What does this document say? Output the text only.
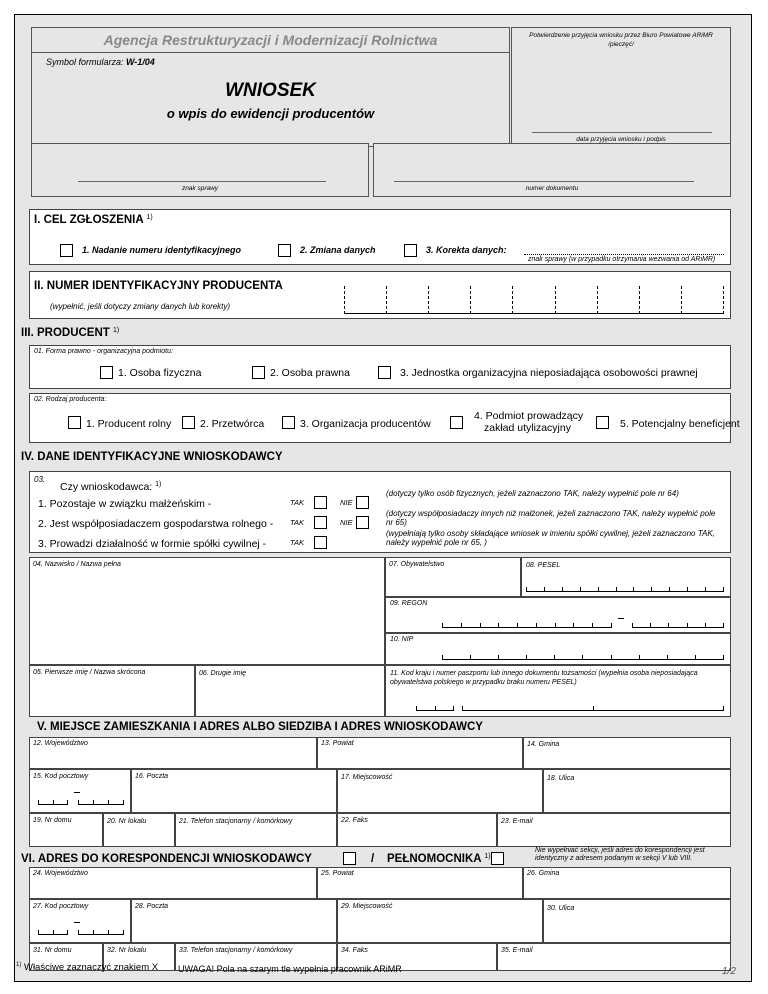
Agencja Restrukturyzacji i Modernizacji Rolnictwa
Symbol formularza: W-1/04
WNIOSEK
o wpis do ewidencji producentów
Potwierdzenie przyjęcia wniosku przez Biuro Powiatowe ARiMR /pieczęć/
data przyjęcia wniosku i podpis
znak sprawy	numer dokumentu
I. CEL ZGŁOSZENIA $^{1)}$
1. Nadanie numeru identyfikacyjnego	2. Zmiana danych	3. Korekta danych:
znak sprawy (w przypadku otrzymania wezwania od ARiMR)
II. NUMER IDENTYFIKACYJNY PRODUCENTA
(wypełnić, jeśli dotyczy zmiany danych lub korekty)
III. PRODUCENT $^{1)}$
01. Forma prawno - organizacyjna podmiotu:
1. Osoba fizyczna	2. Osoba prawna	3. Jednostka organizacyjna nieposiadająca osobowości prawnej
02. Rodzaj producenta:
1. Producent rolny	2. Przetwórca	3. Organizacja producentów
4. Podmiot prowadzący
zakład utylizacyjny	5. Potencjalny beneficjent
IV. DANE IDENTYFIKACYJNE WNIOSKODAWCY
03.
Czy wnioskodawca: $^{1)}$
1. Pozostaje w związku małżeńskim -
2. Jest współposiadaczem gospodarstwa rolnego -
3. Prowadzi działalność w formie spółki cywilnej -
TAK	NIE
TAK	NIE
TAK
(dotyczy tylko osób fizycznych, jeżeli zaznaczono TAK, należy wypełnić pole nr 64)
(dotyczy współposiadaczy innych niż małżonek, jeżeli zaznaczono TAK, należy wypełnić pole nr 65)
(wypełniają tylko osoby składające wniosek w imieniu spółki cywilnej, jeżeli zaznaczono TAK, należy wypełnić pole nr 65, )
04. Nazwisko / Nazwa pełna	07. Obywatelstwo	08. PESEL
09. REGON
10. NIP
05. Pierwsze imię / Nazwa skrócona	06. Drugie imię	11. Kod kraju i numer paszportu lub innego dokumentu tożsamości (wypełnia osoba nieposiadająca obywatelstwa polskiego w przypadku braku numeru PESEL)
V. MIEJSCE ZAMIESZKANIA I ADRES ALBO SIEDZIBA I ADRES WNIOSKODAWCY
12. Województwo	13. Powiat	14. Gmina
15. Kod pocztowy	16. Poczta	17. Miejscowość	18. Ulica
19. Nr domu	20. Nr lokalu	21. Telefon stacjonarny / komórkowy	22. Faks	23. E-mail
VI. ADRES DO KORESPONDENCJI WNIOSKODAWCY	/ PEŁNOMOCNIKA $^{1)}$
Nie wypełniać sekcji, jeśli adres do korespondencji jest identyczny z adresem podanym w sekcji V lub VIII.
24. Województwo	25. Powiat	26. Gmina
27. Kod pocztowy	28. Poczta	29. Miejscowość	30. Ulica
31. Nr domu	32. Nr lokalu	33. Telefon stacjonarny / komórkowy	34. Faks	35. E-mail
$^{1)}$ Właściwe zaznaczyć znakiem X UWAGA! Pola na szarym tle wypełnia pracownik ARiMR	1/2
